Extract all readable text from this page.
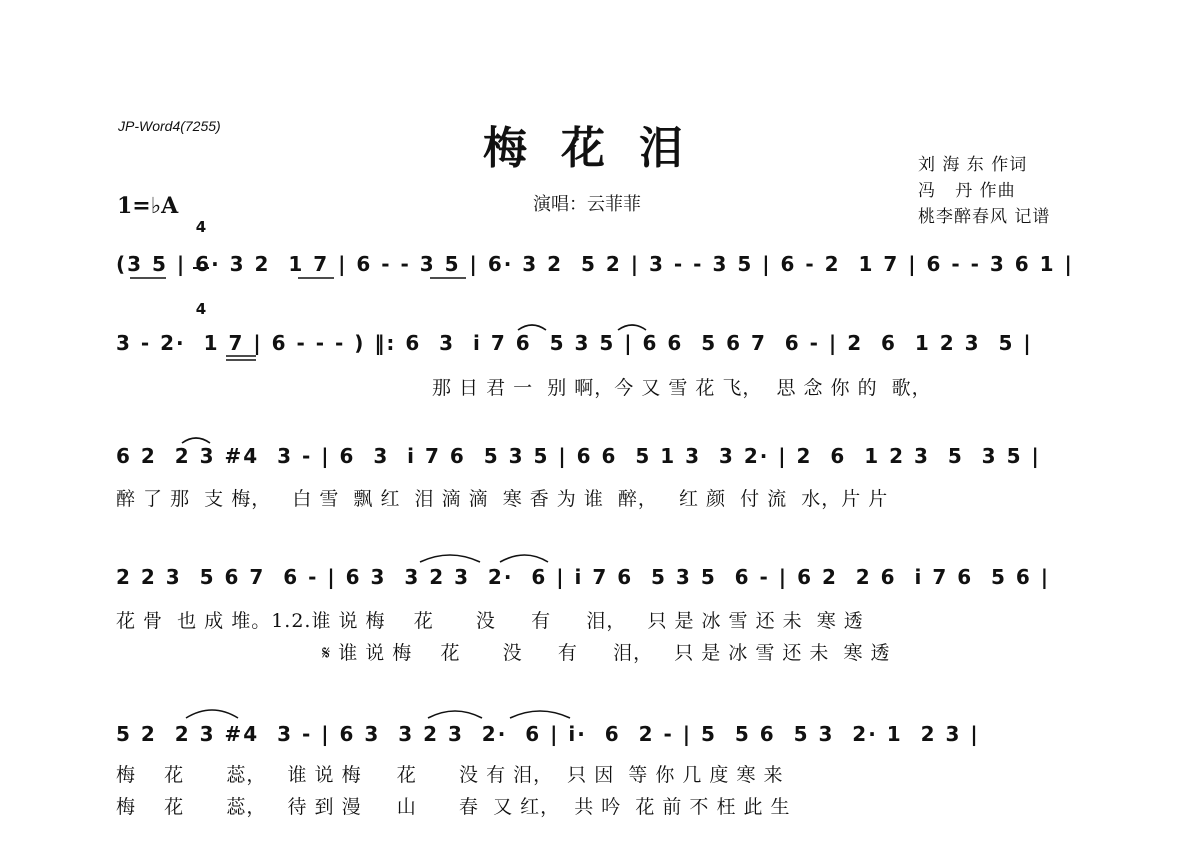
JP-Word4(7255)	梅花泪
演唱：云菲菲
刘 海 东 作词
冯   丹 作曲
桃李醉春风 记谱
1=♭A

4

4

(3 5 | 6· 3 2  1 7 | 6 - - 3 5 | 6· 3 2  5 2 | 3 - - 3 5 | 6 - 2  1 7 | 6 - - 3 6 1 |
3 - 2·  1 7 | 6 - - - ) ‖: 6  3  i 7 6  5 3 5 | 6 6  5 6 7  6 - | 2  6  1 2 3  5 |
那 日 君 一  别 啊，今 又 雪 花 飞，  思 念 你 的  歌，
6 2  2 3 #4  3 - | 6  3  i 7 6  5 3 5 | 6 6  5 1 3  3 2· | 2  6  1 2 3  5  3 5 |
醉 了 那  支 梅，   白 雪  飘 红  泪 滴 滴  寒 香 为 谁  醉，   红 颜  付 流  水，片 片
2 2 3  5 6 7  6 - | 6 3  3 2 3  2·  6 | i 7 6  5 3 5  6 - | 6 2  2 6  i 7 6  5 6 |
花 骨  也 成 堆。1.2.谁 说 梅    花      没     有     泪，   只 是 冰 雪 还 未  寒 透
𝄋 谁 说 梅    花      没     有     泪，   只 是 冰 雪 还 未  寒 透
5 2  2 3 #4  3 - | 6 3  3 2 3  2·  6 | i·  6  2 - | 5  5 6  5 3  2· 1  2 3 |
梅    花      蕊，   谁 说 梅     花      没 有 泪，  只 因  等 你 几 度 寒 来
梅    花      蕊，   待 到 漫     山      春  又 红，  共 吟  花 前 不 枉 此 生
